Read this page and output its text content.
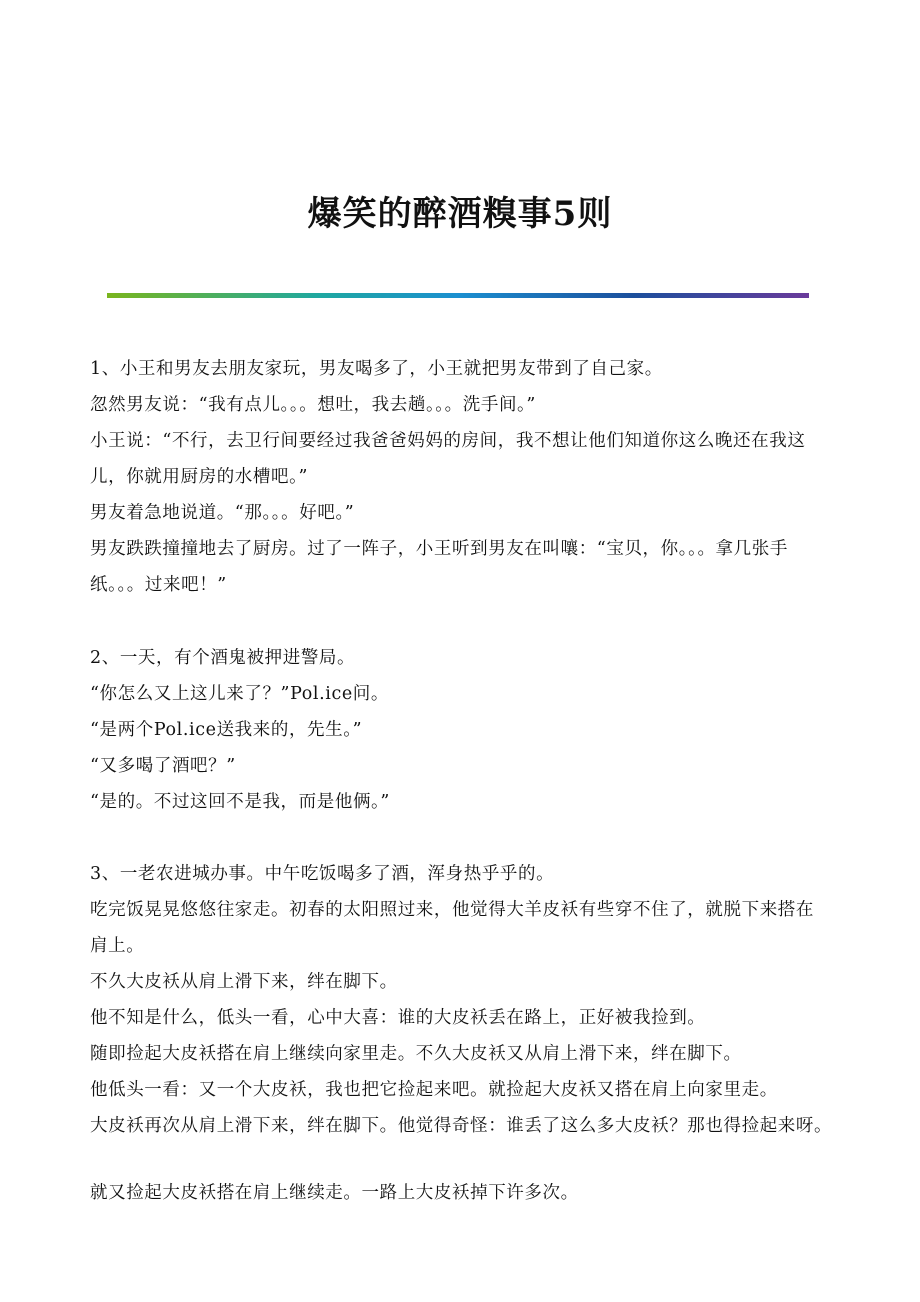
爆笑的醉酒糗事5则
1、小王和男友去朋友家玩，男友喝多了，小王就把男友带到了自己家。
忽然男友说：“我有点儿。。。想吐，我去趟。。。洗手间。”
小王说：“不行，去卫行间要经过我爸爸妈妈的房间，我不想让他们知道你这么晚还在我这
儿，你就用厨房的水槽吧。”
男友着急地说道。“那。。。好吧。”
男友跌跌撞撞地去了厨房。过了一阵子，小王听到男友在叫嚷：“宝贝，你。。。拿几张手
纸。。。过来吧！”
2、一天，有个酒鬼被押进警局。
“你怎么又上这儿来了？”Pol.ice问。
“是两个Pol.ice送我来的，先生。”
“又多喝了酒吧？”
“是的。不过这回不是我，而是他俩。”
3、一老农进城办事。中午吃饭喝多了酒，浑身热乎乎的。
吃完饭晃晃悠悠往家走。初春的太阳照过来，他觉得大羊皮袄有些穿不住了，就脱下来搭在
肩上。
不久大皮袄从肩上滑下来，绊在脚下。
他不知是什么，低头一看，心中大喜：谁的大皮袄丢在路上，正好被我捡到。
随即捡起大皮袄搭在肩上继续向家里走。不久大皮袄又从肩上滑下来，绊在脚下。
他低头一看：又一个大皮袄，我也把它捡起来吧。就捡起大皮袄又搭在肩上向家里走。
大皮袄再次从肩上滑下来，绊在脚下。他觉得奇怪：谁丢了这么多大皮袄？那也得捡起来呀。
就又捡起大皮袄搭在肩上继续走。一路上大皮袄掉下许多次。
